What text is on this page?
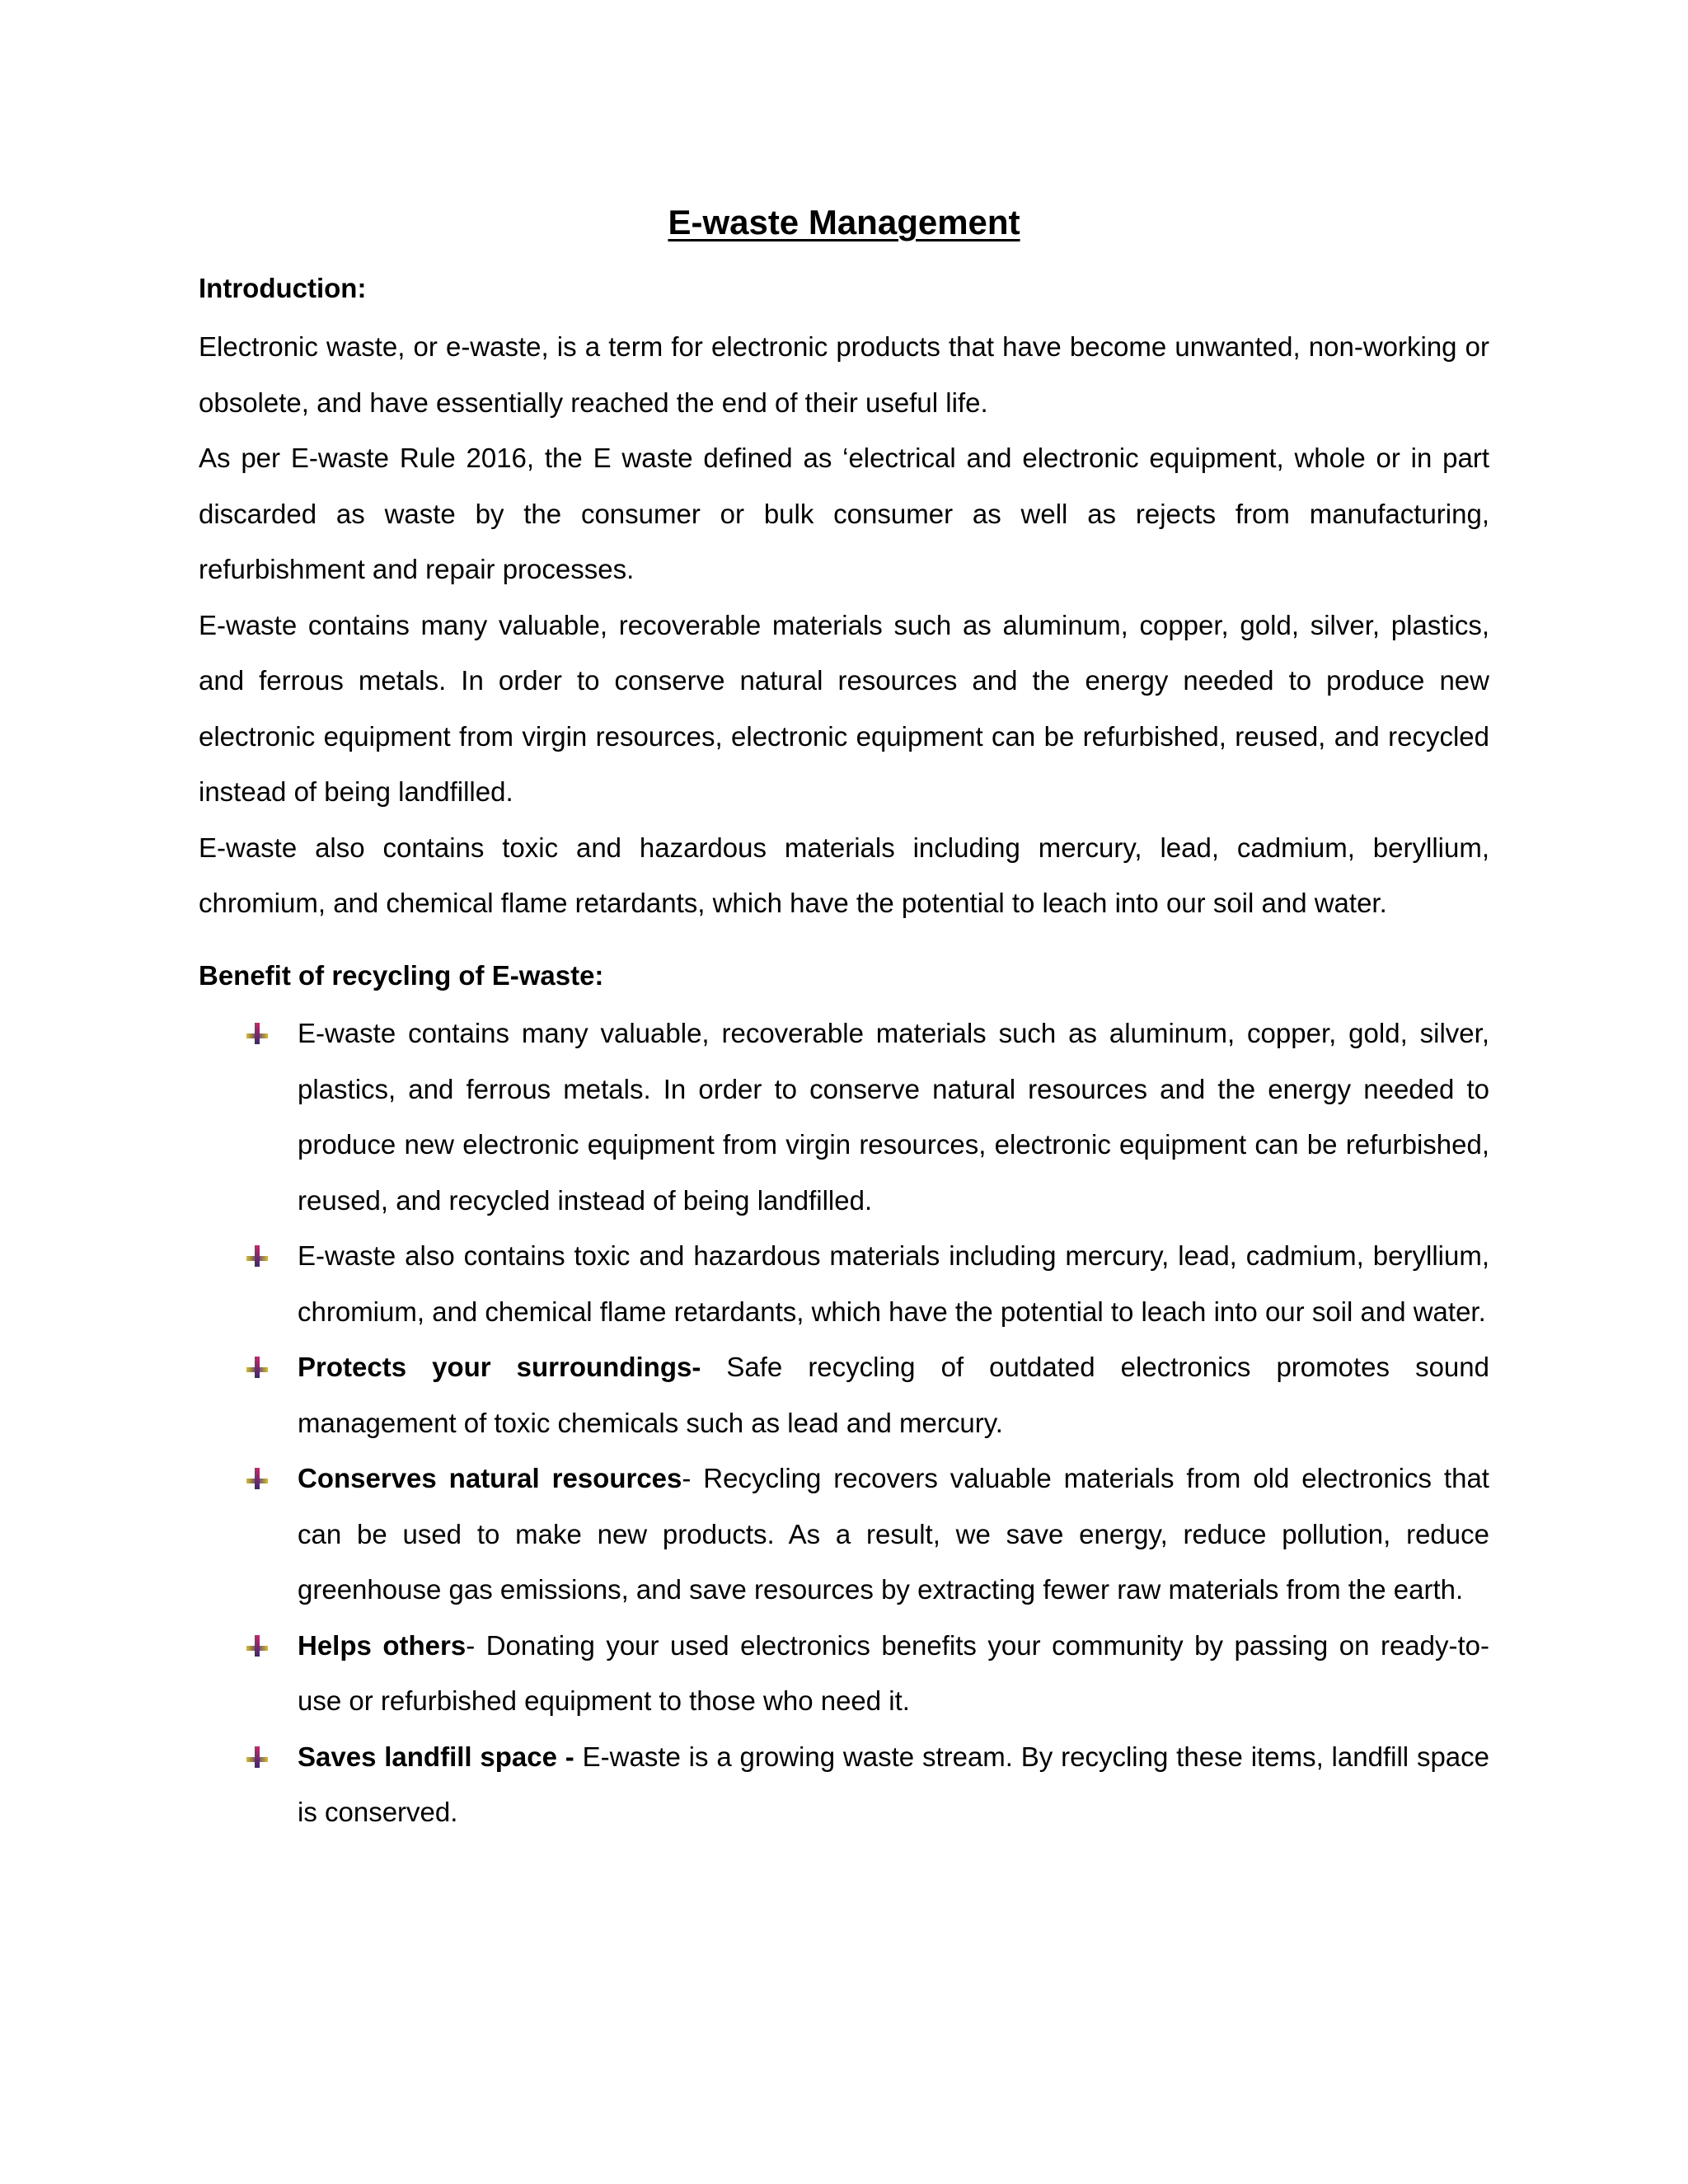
E-waste Management
Introduction:

Electronic waste, or e-waste, is a term for electronic products that have become unwanted, non-working or obsolete, and have essentially reached the end of their useful life.

As per E-waste Rule 2016, the E waste defined as ‘electrical and electronic equipment, whole or in part discarded as waste by the consumer or bulk consumer as well as rejects from manufacturing, refurbishment and repair processes.

E-waste contains many valuable, recoverable materials such as aluminum, copper, gold, silver, plastics, and ferrous metals. In order to conserve natural resources and the energy needed to produce new electronic equipment from virgin resources, electronic equipment can be refurbished, reused, and recycled instead of being landfilled.

E-waste also contains toxic and hazardous materials including mercury, lead, cadmium, beryllium, chromium, and chemical flame retardants, which have the potential to leach into our soil and water.

Benefit of recycling of E-waste:
E-waste contains many valuable, recoverable materials such as aluminum, copper, gold, silver, plastics, and ferrous metals. In order to conserve natural resources and the energy needed to produce new electronic equipment from virgin resources, electronic equipment can be refurbished, reused, and recycled instead of being landfilled.
E-waste also contains toxic and hazardous materials including mercury, lead, cadmium, beryllium, chromium, and chemical flame retardants, which have the potential to leach into our soil and water.
Protects your surroundings- Safe recycling of outdated electronics promotes sound management of toxic chemicals such as lead and mercury.
Conserves natural resources- Recycling recovers valuable materials from old electronics that can be used to make new products. As a result, we save energy, reduce pollution, reduce greenhouse gas emissions, and save resources by extracting fewer raw materials from the earth.
Helps others- Donating your used electronics benefits your community by passing on ready-to-use or refurbished equipment to those who need it.
Saves landfill space - E-waste is a growing waste stream. By recycling these items, landfill space is conserved.
